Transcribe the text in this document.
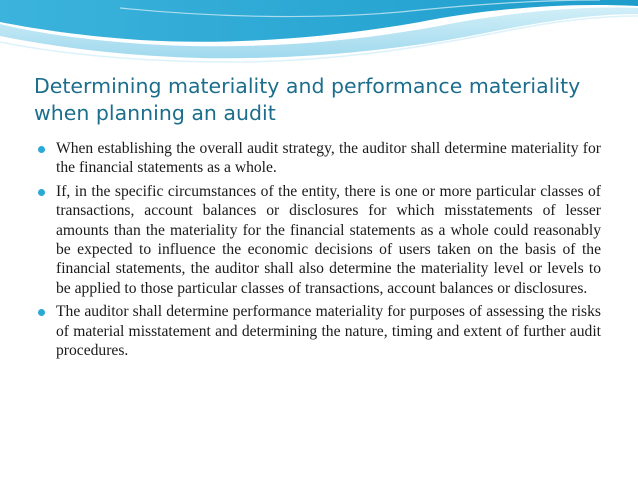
Determining materiality and performance materiality when planning an audit
When establishing the overall audit strategy, the auditor shall determine materiality for the financial statements as a whole.
If, in the specific circumstances of the entity, there is one or more particular classes of transactions, account balances or disclosures for which misstatements of lesser amounts than the materiality for the financial statements as a whole could reasonably be expected to influence the economic decisions of users taken on the basis of the financial statements, the auditor shall also determine the materiality level or levels to be applied to those particular classes of transactions, account balances or disclosures.
The auditor shall determine performance materiality for purposes of assessing the risks of material misstatement and determining the nature, timing and extent of further audit procedures.
